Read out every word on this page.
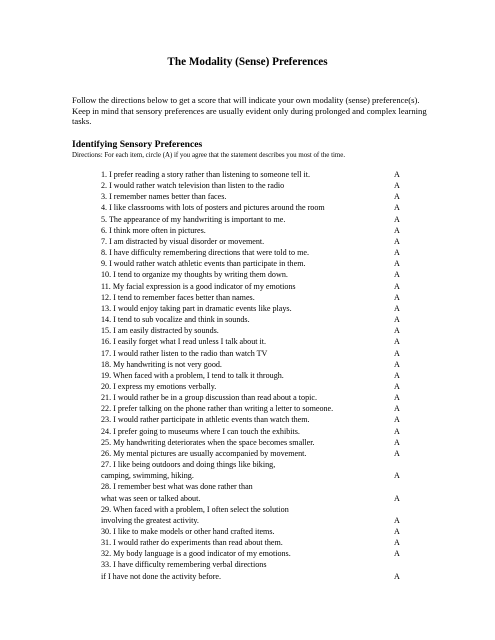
The Modality (Sense) Preferences
Follow the directions below to get a score that will indicate your own modality (sense) preference(s). Keep in mind that sensory preferences are usually evident only during prolonged and complex learning tasks.
Identifying Sensory Preferences
Directions: For each item, circle (A) if you agree that the statement describes you most of the time.
1. I prefer reading a story rather than listening to someone tell it.	A
2. I would rather watch television than listen to the radio	A
3. I remember names better than faces.	A
4. I like classrooms with lots of posters and pictures around the room	A
5. The appearance of my handwriting is important to me.	A
6. I think more often in pictures.	A
7. I am distracted by visual disorder or movement.	A
8. I have difficulty remembering directions that were told to me.	A
9. I would rather watch athletic events than participate in them.	A
10. I tend to organize my thoughts by writing them down.	A
11. My facial expression is a good indicator of my emotions	A
12. I tend to remember faces better than names.	A
13. I would enjoy taking part in dramatic events like plays.	A
14. I tend to sub vocalize and think in sounds.	A
15. I am easily distracted by sounds.	A
16. I easily forget what I read unless I talk about it.	A
17. I would rather listen to the radio than watch TV	A
18. My handwriting is not very good.	A
19. When faced with a problem, I tend to talk it through.	A
20. I express my emotions verbally.	A
21. I would rather be in a group discussion than read about a topic.	A
22. I prefer talking on the phone rather than writing a letter to someone.	A
23. I would rather participate in athletic events than watch them.	A
24. I prefer going to museums where I can touch the exhibits.	A
25. My handwriting deteriorates when the space becomes smaller.	A
26. My mental pictures are usually accompanied by movement.	A
27. I like being outdoors and doing things like biking,
camping, swimming, hiking.	A
28. I remember best what was done rather than
what was seen or talked about.	A
29. When faced with a problem, I often select the solution
involving the greatest activity.	A
30. I like to make models or other hand crafted items.	A
31. I would rather do experiments than read about them.	A
32. My body language is a good indicator of my emotions.	A
33. I have difficulty remembering verbal directions
if I have not done the activity before.	A
